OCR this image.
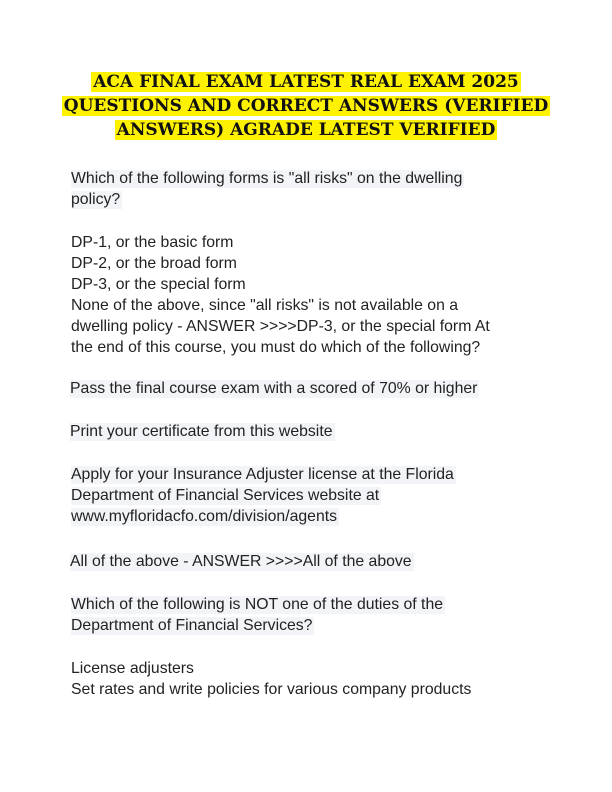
ACA FINAL EXAM LATEST REAL EXAM 2025
QUESTIONS AND CORRECT ANSWERS (VERIFIED
ANSWERS) AGRADE LATEST VERIFIED
Which of the following forms is "all risks" on the dwelling
policy?
DP-1, or the basic form
DP-2, or the broad form
DP-3, or the special form
None of the above, since "all risks" is not available on a
dwelling policy - ANSWER >>>>DP-3, or the special form At
the end of this course, you must do which of the following?
Pass the final course exam with a scored of 70% or higher
Print your certificate from this website
Apply for your Insurance Adjuster license at the Florida
Department of Financial Services website at
www.myfloridacfo.com/division/agents
All of the above - ANSWER >>>>All of the above
Which of the following is NOT one of the duties of the
Department of Financial Services?
License adjusters
Set rates and write policies for various company products
